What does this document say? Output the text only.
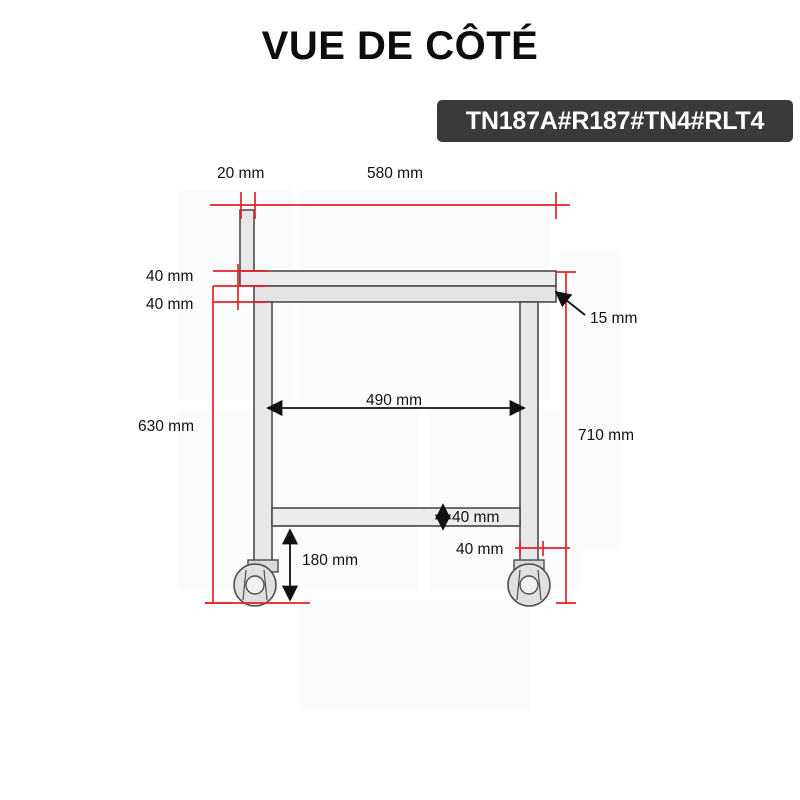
VUE DE CÔTÉ
TN187A#R187#TN4#RLT4
20 mm	580 mm
40 mm
40 mm
15 mm
490 mm
630 mm
710 mm
40 mm
40 mm
180 mm
